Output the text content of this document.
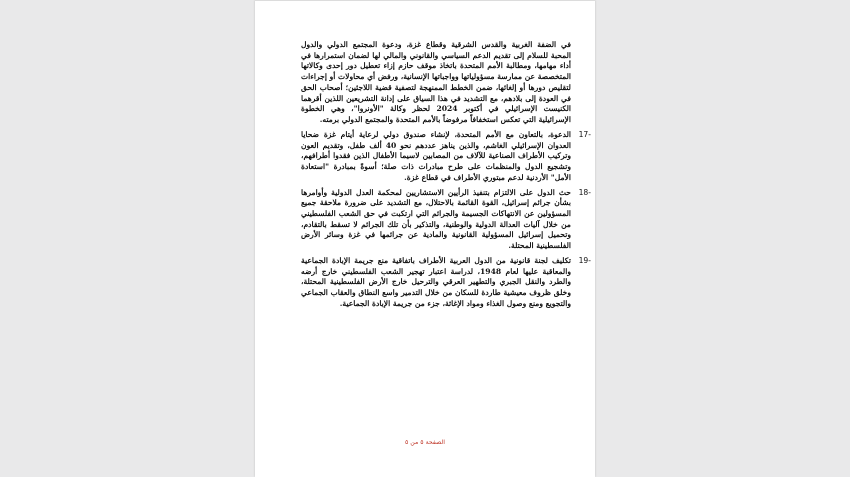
في الضفة الغربية والقدس الشرقية وقطاع غزة، ودعوة المجتمع الدولي والدول المحبة للسلام إلى تقديم الدعم السياسي والقانوني والمالي لها لضمان استمرارها في أداء مهامها، ومطالبة الأمم المتحدة باتخاذ موقف حازم إزاء تعطيل دور إحدى وكالاتها المتخصصة عن ممارسة مسؤولياتها وواجباتها الإنسانية، ورفض أي محاولات أو إجراءات لتقليص دورها أو إلغائها، ضمن الخطط الممنهجة لتصفية قضية اللاجئين؛ أصحاب الحق في العودة إلى بلادهم، مع التشديد في هذا السياق على إدانة التشريعين اللذين أقرهما الكنيست الإسرائيلي في أكتوبر 2024 لحظر وكالة "الأونروا"، وهي الخطوة الإسرائيلية التي تعكس استخفافاً مرفوضاً بالأمم المتحدة والمجتمع الدولي برمته.

17-
الدعوة، بالتعاون مع الأمم المتحدة، لإنشاء صندوق دولي لرعاية أيتام غزة ضحايا العدوان الإسرائيلي الغاشم، والذين يناهز عددهم نحو 40 ألف طفل، وتقديم العون وتركيب الأطراف الصناعية للآلاف من المصابين لاسيما الأطفال الذين فقدوا أطرافهم، وتشجيع الدول والمنظمات على طرح مبادرات ذات صلة؛ أسوةً بمبادرة "استعادة الأمل" الأردنية لدعم مبتوري الأطراف في قطاع غزة.

18-
حث الدول على الالتزام بتنفيذ الرأيين الاستشاريين لمحكمة العدل الدولية وأوامرها بشأن جرائم إسرائيل، القوة القائمة بالاحتلال، مع التشديد على ضرورة ملاحقة جميع المسؤولين عن الانتهاكات الجسيمة والجرائم التي ارتكبت في حق الشعب الفلسطيني من خلال آليات العدالة الدولية والوطنية، والتذكير بأن تلك الجرائم لا تسقط بالتقادم، وتحميل إسرائيل المسؤولية القانونية والمادية عن جرائمها في غزة وسائر الأرض الفلسطينية المحتلة.

19-
تكليف لجنة قانونية من الدول العربية الأطراف باتفاقية منع جريمة الإبادة الجماعية والمعاقبة عليها لعام 1948، لدراسة اعتبار تهجير الشعب الفلسطيني خارج أرضه والطرد والنقل الجبري والتطهير العرقي والترحيل خارج الأرض الفلسطينية المحتلة، وخلق ظروف معيشية طاردة للسكان من خلال التدمير واسع النطاق والعقاب الجماعي والتجويع ومنع وصول الغذاء ومواد الإغاثة، جزء من جريمة الإبادة الجماعية.

الصفحة ٥ من ٥
